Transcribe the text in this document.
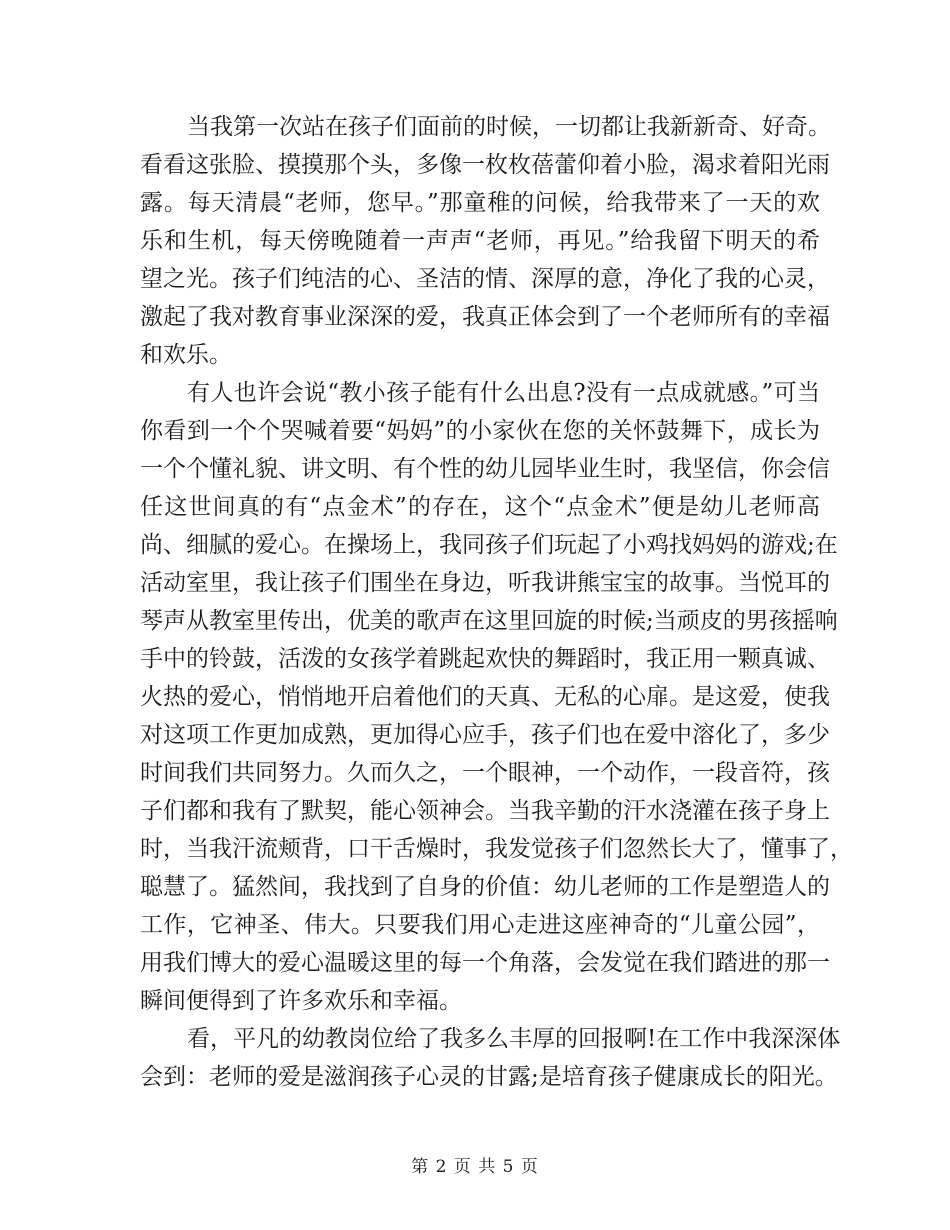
当我第一次站在孩子们面前的时候，一切都让我新新奇、好奇。
看看这张脸、摸摸那个头，多像一枚枚蓓蕾仰着小脸，渴求着阳光雨
露。每天清晨“老师，您早。”那童稚的问候，给我带来了一天的欢
乐和生机，每天傍晚随着一声声“老师，再见。”给我留下明天的希
望之光。孩子们纯洁的心、圣洁的情、深厚的意，净化了我的心灵，
激起了我对教育事业深深的爱，我真正体会到了一个老师所有的幸福
和欢乐。
有人也许会说“教小孩子能有什么出息?没有一点成就感。”可当
你看到一个个哭喊着要“妈妈”的小家伙在您的关怀鼓舞下，成长为
一个个懂礼貌、讲文明、有个性的幼儿园毕业生时，我坚信，你会信
任这世间真的有“点金术”的存在，这个“点金术”便是幼儿老师高
尚、细腻的爱心。在操场上，我同孩子们玩起了小鸡找妈妈的游戏;在
活动室里，我让孩子们围坐在身边，听我讲熊宝宝的故事。当悦耳的
琴声从教室里传出，优美的歌声在这里回旋的时候;当顽皮的男孩摇响
手中的铃鼓，活泼的女孩学着跳起欢快的舞蹈时，我正用一颗真诚、
火热的爱心，悄悄地开启着他们的天真、无私的心扉。是这爱，使我
对这项工作更加成熟，更加得心应手，孩子们也在爱中溶化了，多少
时间我们共同努力。久而久之，一个眼神，一个动作，一段音符，孩
子们都和我有了默契，能心领神会。当我辛勤的汗水浇灌在孩子身上
时，当我汗流颊背，口干舌燥时，我发觉孩子们忽然长大了，懂事了，
聪慧了。猛然间，我找到了自身的价值：幼儿老师的工作是塑造人的
工作，它神圣、伟大。只要我们用心走进这座神奇的“儿童公园”，
用我们博大的爱心温暖这里的每一个角落，会发觉在我们踏进的那一
瞬间便得到了许多欢乐和幸福。
看，平凡的幼教岗位给了我多么丰厚的回报啊!在工作中我深深体
会到：老师的爱是滋润孩子心灵的甘露;是培育孩子健康成长的阳光。
第 2 页 共 5 页
